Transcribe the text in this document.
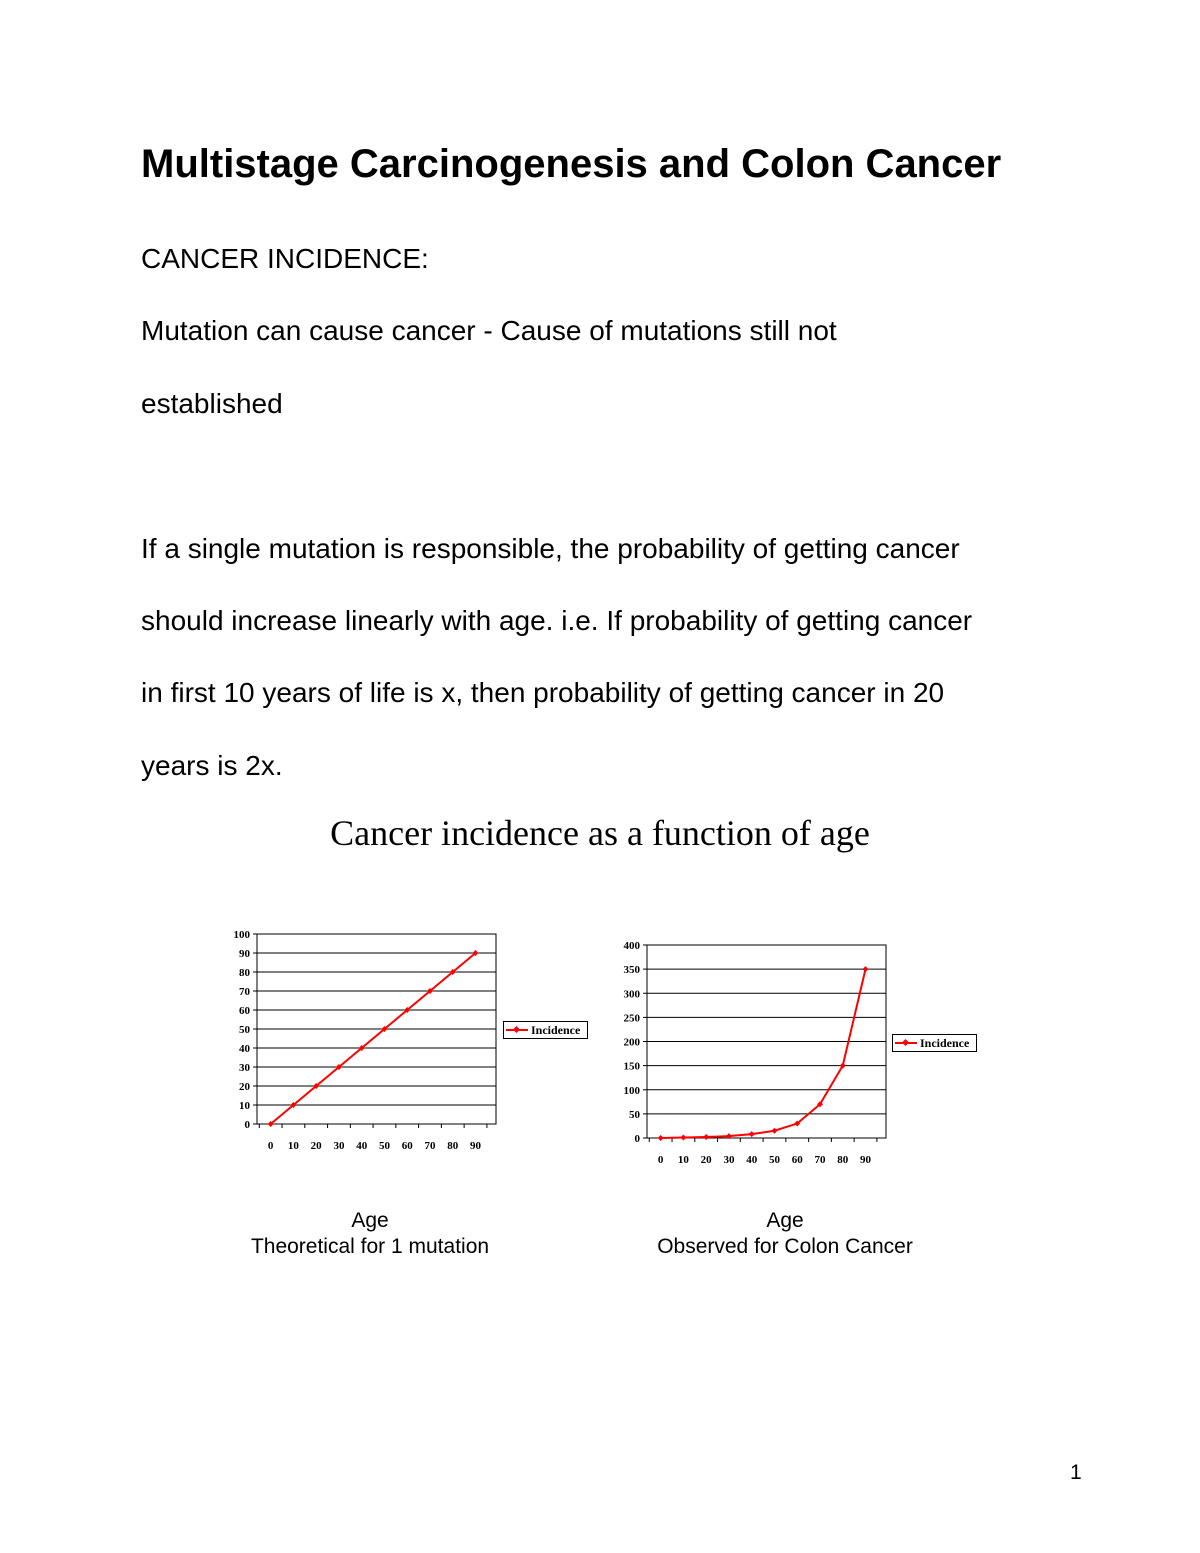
Multistage Carcinogenesis and Colon Cancer

CANCER INCIDENCE:

Mutation can cause cancer - Cause of mutations still not

established

If a single mutation is responsible, the probability of getting cancer

should increase linearly with age. i.e. If probability of getting cancer

in first 10 years of life is x, then probability of getting cancer in 20

years is 2x.

Cancer incidence as a function of age
0
10
20
30
40
50
60
70
80
90
100
0 10 20 30 40 50 60 70 80 90
Incidence
Age
Theoretical for 1 mutation
0
50
100
150
200
250
300
350
400
0 10 20 30 40 50 60 70 80 90
Incidence
Age
Observed for Colon Cancer
1
